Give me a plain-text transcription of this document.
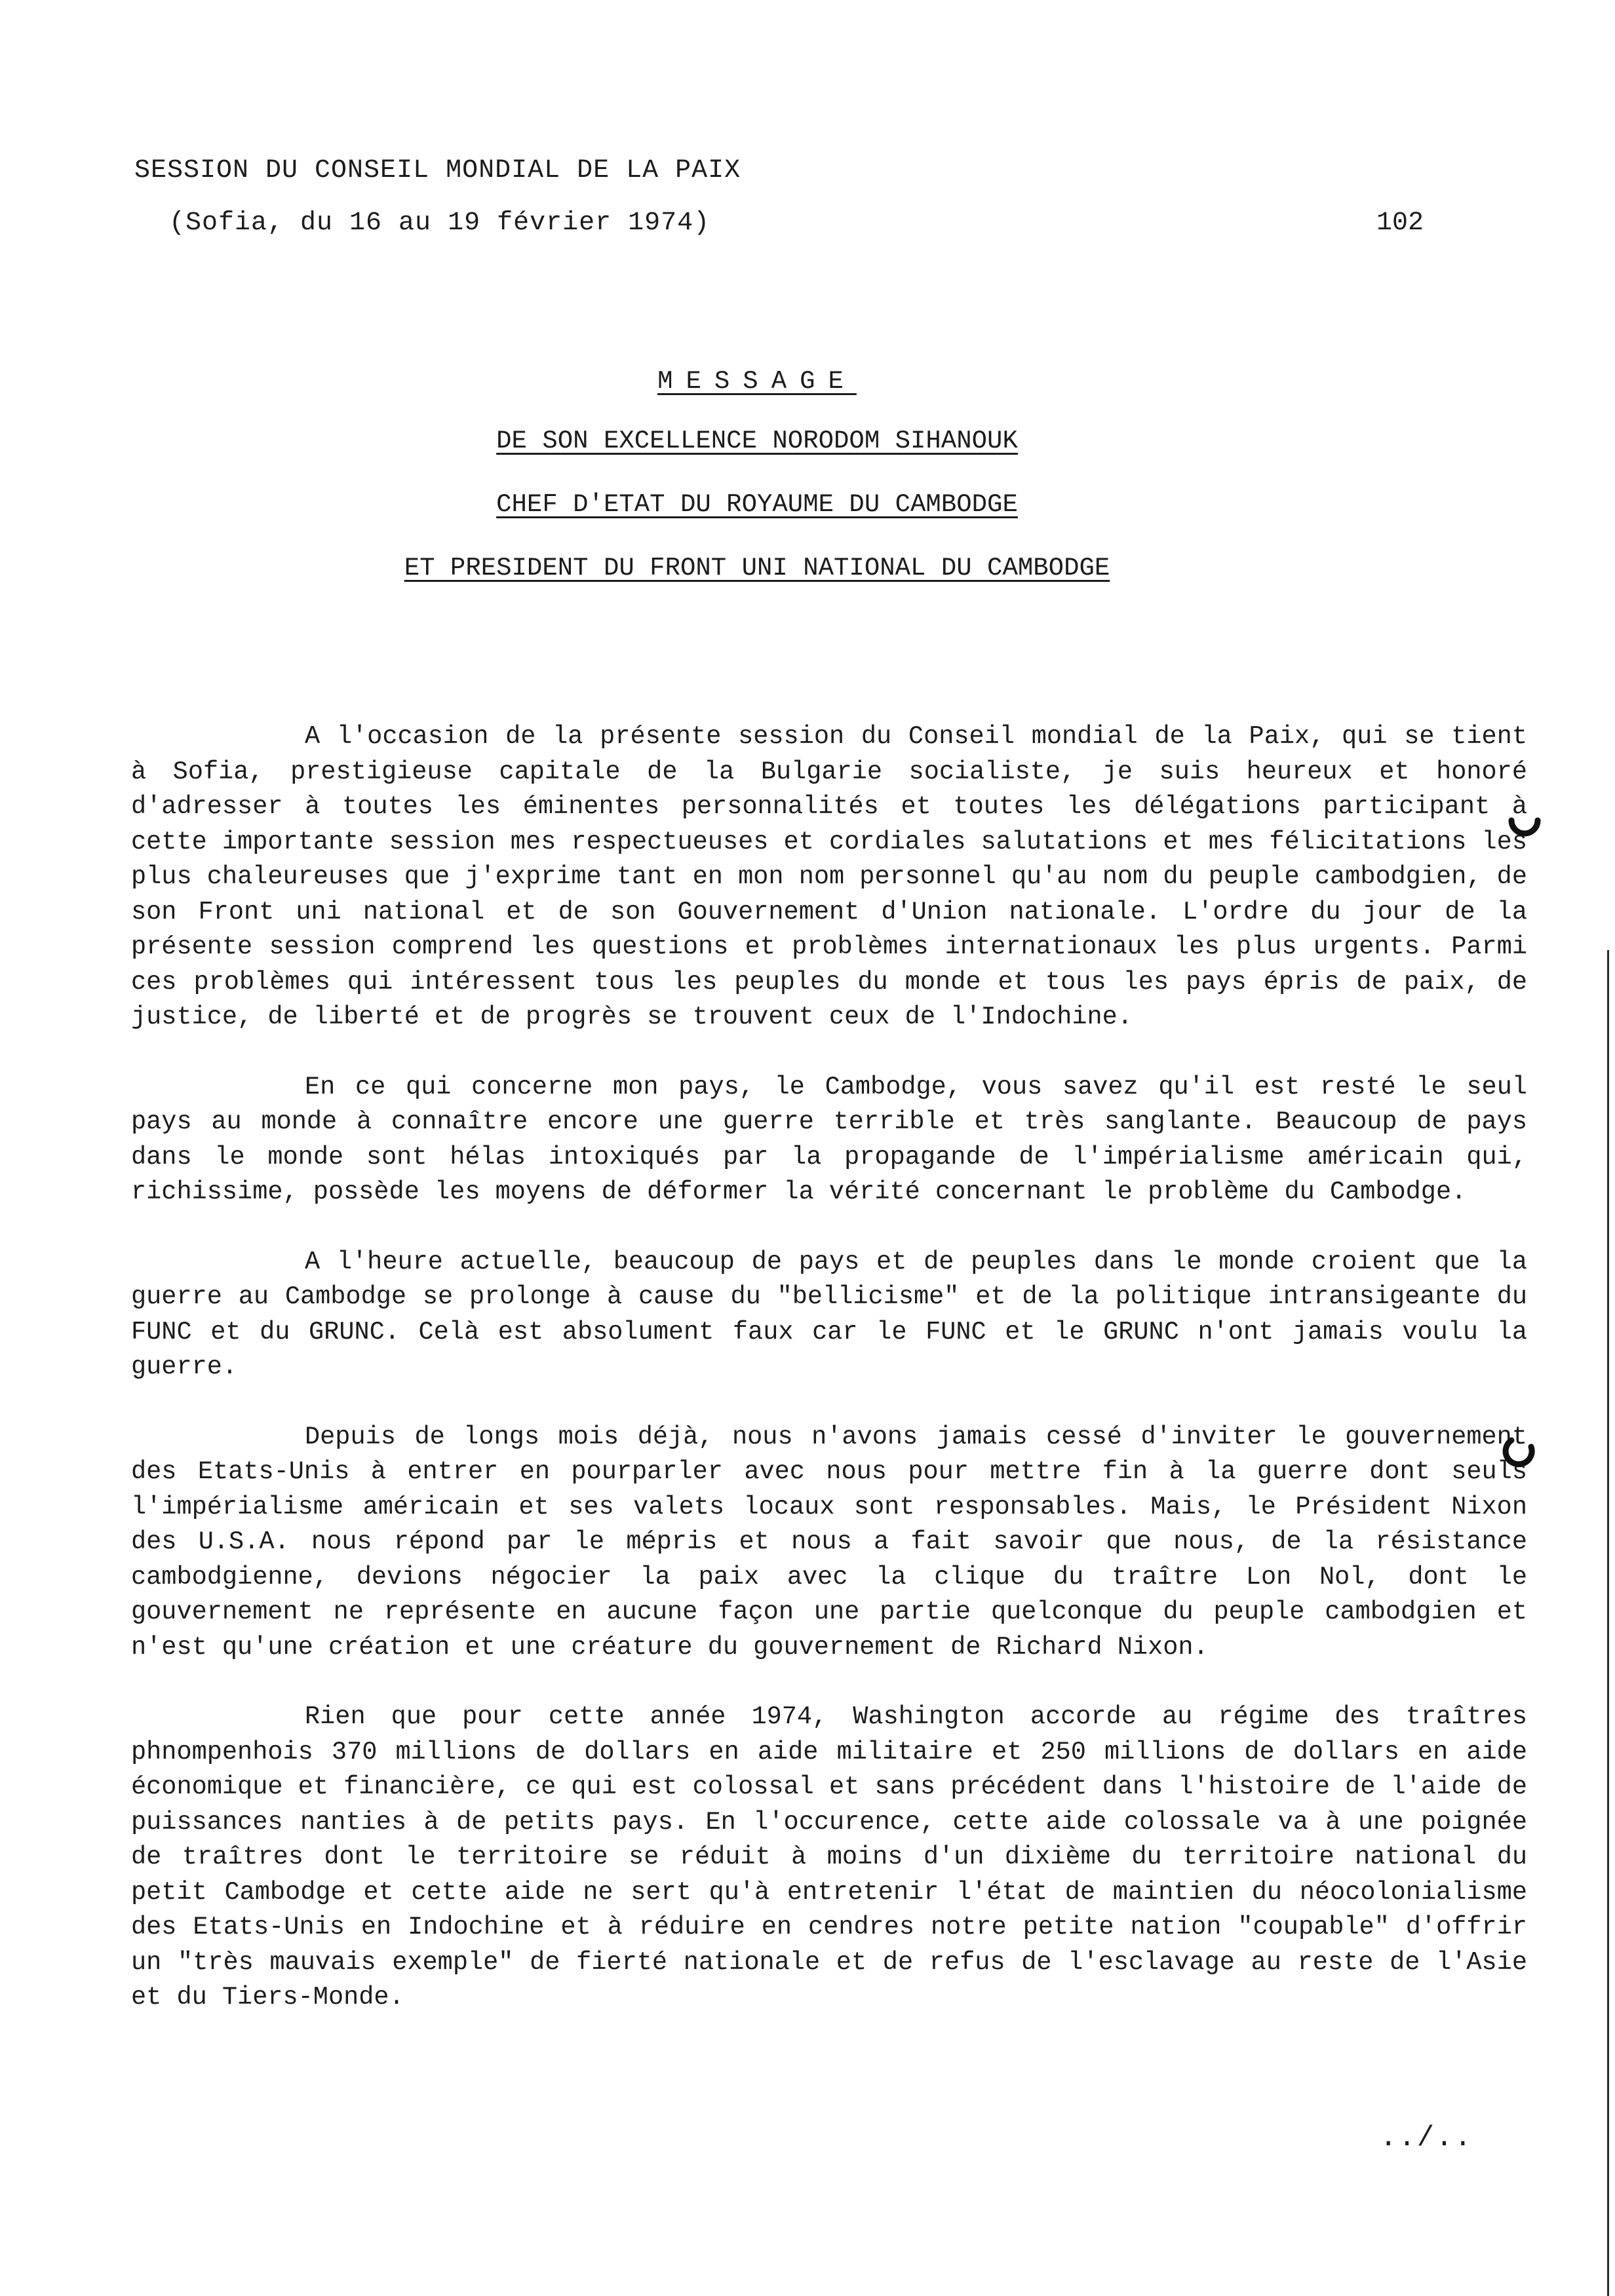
SESSION DU CONSEIL MONDIAL DE LA PAIX
(Sofia, du 16 au 19 février 1974)	102
MESSAGE
DE SON EXCELLENCE NORODOM SIHANOUK
CHEF D'ETAT DU ROYAUME DU CAMBODGE
ET PRESIDENT DU FRONT UNI NATIONAL DU CAMBODGE

A l'occasion de la présente session du Conseil mondial de la Paix, qui se tient à Sofia, prestigieuse capitale de la Bulgarie socialiste, je suis heureux et honoré d'adresser à toutes les éminentes personnalités et toutes les délégations participant à cette importante session mes respectueuses et cordiales salutations et mes félicitations les plus chaleureuses que j'exprime tant en mon nom personnel qu'au nom du peuple cambodgien, de son Front uni national et de son Gouvernement d'Union nationale. L'ordre du jour de la présente session comprend les questions et problèmes internationaux les plus urgents. Parmi ces problèmes qui intéressent tous les peuples du monde et tous les pays épris de paix, de justice, de liberté et de progrès se trouvent ceux de l'Indochine.

En ce qui concerne mon pays, le Cambodge, vous savez qu'il est resté le seul pays au monde à connaître encore une guerre terrible et très sanglante. Beaucoup de pays dans le monde sont hélas intoxiqués par la propagande de l'impérialisme américain qui, richissime, possède les moyens de déformer la vérité concernant le problème du Cambodge.

A l'heure actuelle, beaucoup de pays et de peuples dans le monde croient que la guerre au Cambodge se prolonge à cause du "bellicisme" et de la politique intransigeante du FUNC et du GRUNC. Celà est absolument faux car le FUNC et le GRUNC n'ont jamais voulu la guerre.

Depuis de longs mois déjà, nous n'avons jamais cessé d'inviter le gouvernement des Etats-Unis à entrer en pourparler avec nous pour mettre fin à la guerre dont seuls l'impérialisme américain et ses valets locaux sont responsables. Mais, le Président Nixon des U.S.A. nous répond par le mépris et nous a fait savoir que nous, de la résistance cambodgienne, devions négocier la paix avec la clique du traître Lon Nol, dont le gouvernement ne représente en aucune façon une partie quelconque du peuple cambodgien et n'est qu'une création et une créature du gouvernement de Richard Nixon.

Rien que pour cette année 1974, Washington accorde au régime des traîtres phnompenhois 370 millions de dollars en aide militaire et 250 millions de dollars en aide économique et financière, ce qui est colossal et sans précédent dans l'histoire de l'aide de puissances nanties à de petits pays. En l'occurence, cette aide colossale va à une poignée de traîtres dont le territoire se réduit à moins d'un dixième du territoire national du petit Cambodge et cette aide ne sert qu'à entretenir l'état de maintien du néocolonialisme des Etats-Unis en Indochine et à réduire en cendres notre petite nation "coupable" d'offrir un "très mauvais exemple" de fierté nationale et de refus de l'esclavage au reste de l'Asie et du Tiers-Monde.

../..
